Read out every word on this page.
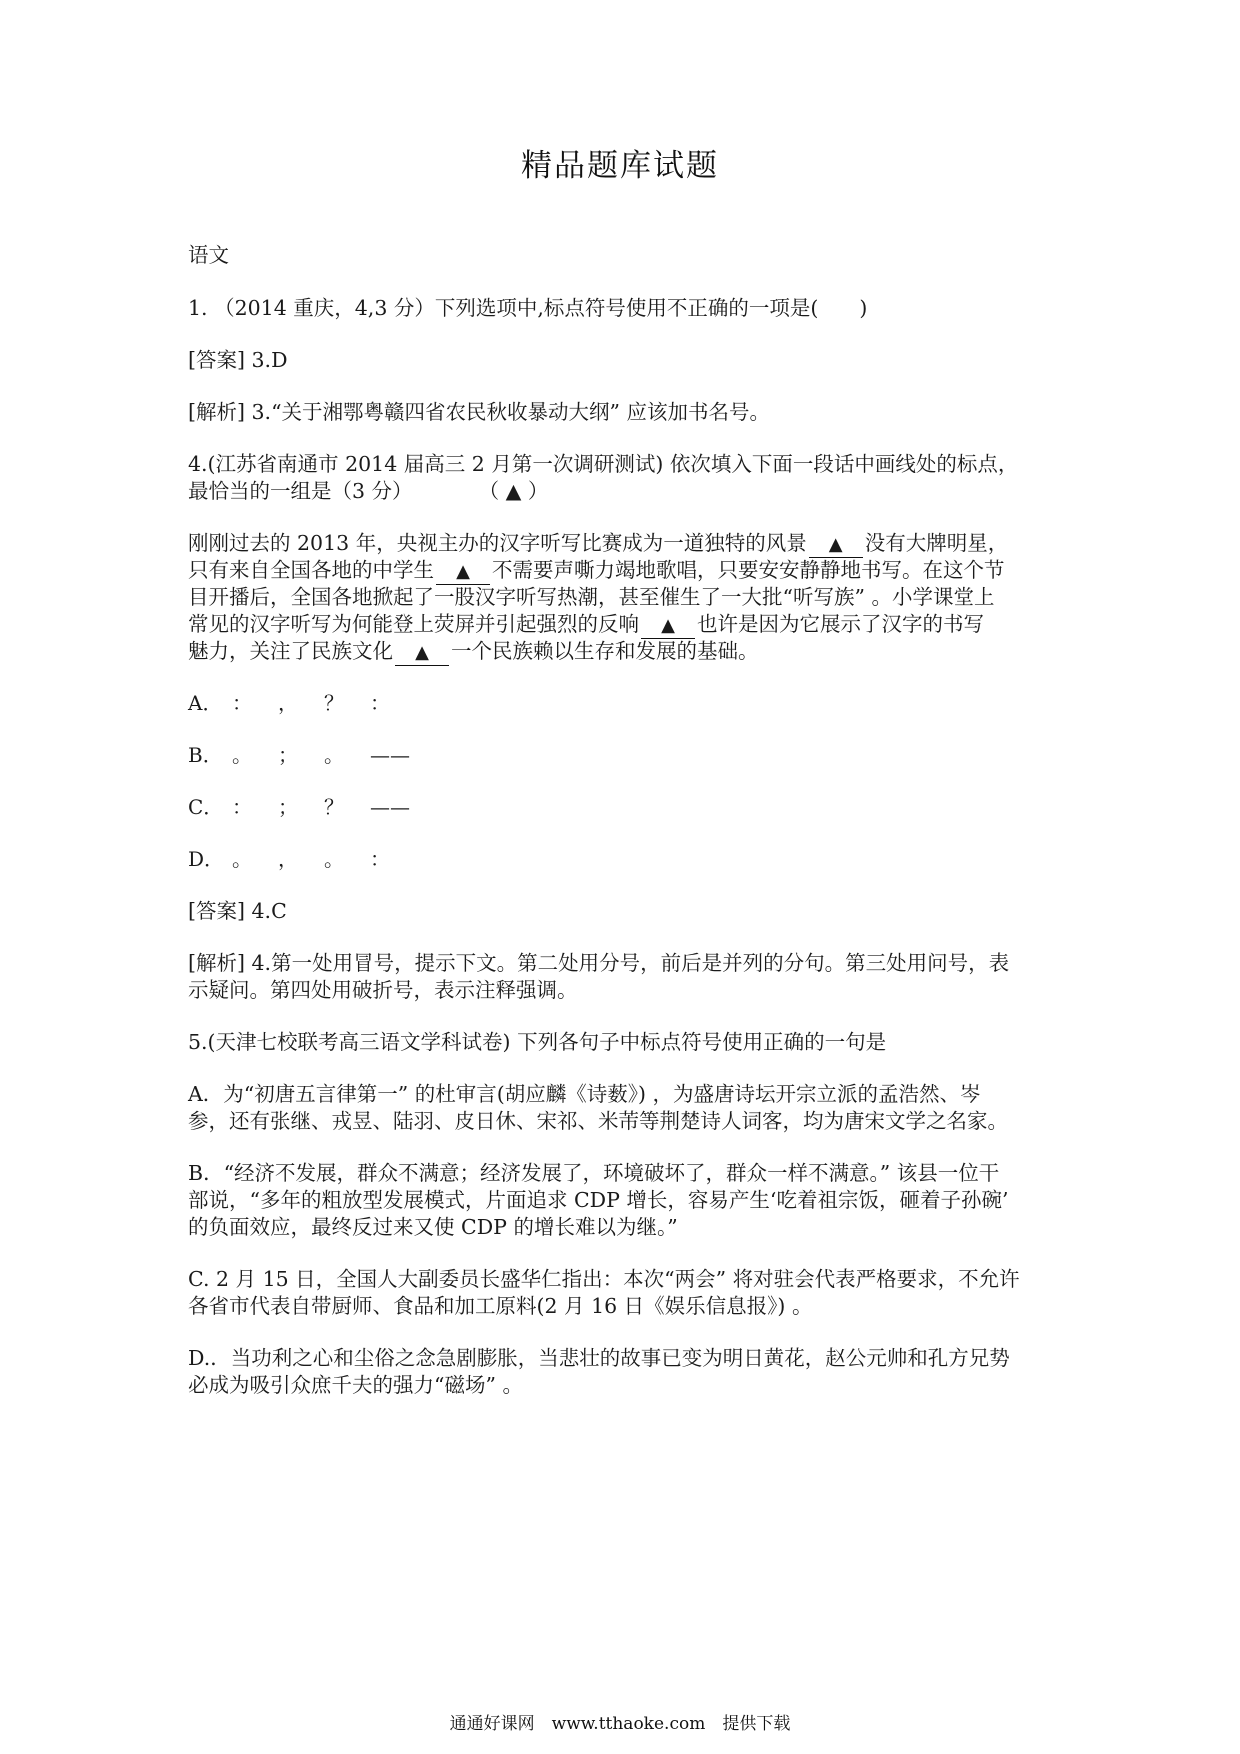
精品题库试题
语文
1. （2014 重庆，4,3 分）下列选项中,标点符号使用不正确的一项是(　　)
[答案] 3.D
[解析] 3.“关于湘鄂粤赣四省农民秋收暴动大纲” 应该加书名号。
4.(江苏省南通市 2014 届高三 2 月第一次调研测试) 依次填入下面一段话中画线处的标点，
最恰当的一组是（3 分）	（ ▲ ）
刚刚过去的 2013 年，央视主办的汉字听写比赛成为一道独特的风景 ▲ 没有大牌明星，
只有来自全国各地的中学生 ▲ 不需要声嘶力竭地歌唱，只要安安静静地书写。在这个节
目开播后，全国各地掀起了一股汉字听写热潮，甚至催生了一大批“听写族” 。小学课堂上
常见的汉字听写为何能登上荧屏并引起强烈的反响 ▲ 也许是因为它展示了汉字的书写
魅力，关注了民族文化 ▲ 一个民族赖以生存和发展的基础。
A． ： ， ？ ：
B． 。 ； 。 ——
C． ： ； ？ ——
D． 。 ， 。 ：
[答案] 4.C
[解析] 4.第一处用冒号，提示下文。第二处用分号，前后是并列的分句。第三处用问号，表
示疑问。第四处用破折号，表示注释强调。
5.(天津七校联考高三语文学科试卷) 下列各句子中标点符号使用正确的一句是
A．为“初唐五言律第一” 的杜审言(胡应麟《诗薮》) ，为盛唐诗坛开宗立派的孟浩然、岑
参，还有张继、戎昱、陆羽、皮日休、宋祁、米芾等荆楚诗人词客，均为唐宋文学之名家。
B．“经济不发展，群众不满意；经济发展了，环境破坏了，群众一样不满意。” 该县一位干
部说，“多年的粗放型发展模式，片面追求 CDP 增长，容易产生‘吃着祖宗饭，砸着子孙碗’
的负面效应，最终反过来又使 CDP 的增长难以为继。”
C. 2 月 15 日，全国人大副委员长盛华仁指出：本次“两会” 将对驻会代表严格要求，不允许
各省市代表自带厨师、食品和加工原料(2 月 16 日《娱乐信息报》) 。
D.．当功利之心和尘俗之念急剧膨胀，当悲壮的故事已变为明日黄花，赵公元帅和孔方兄势
必成为吸引众庶千夫的强力“磁场” 。
通通好课网　www.tthaoke.com　提供下载
